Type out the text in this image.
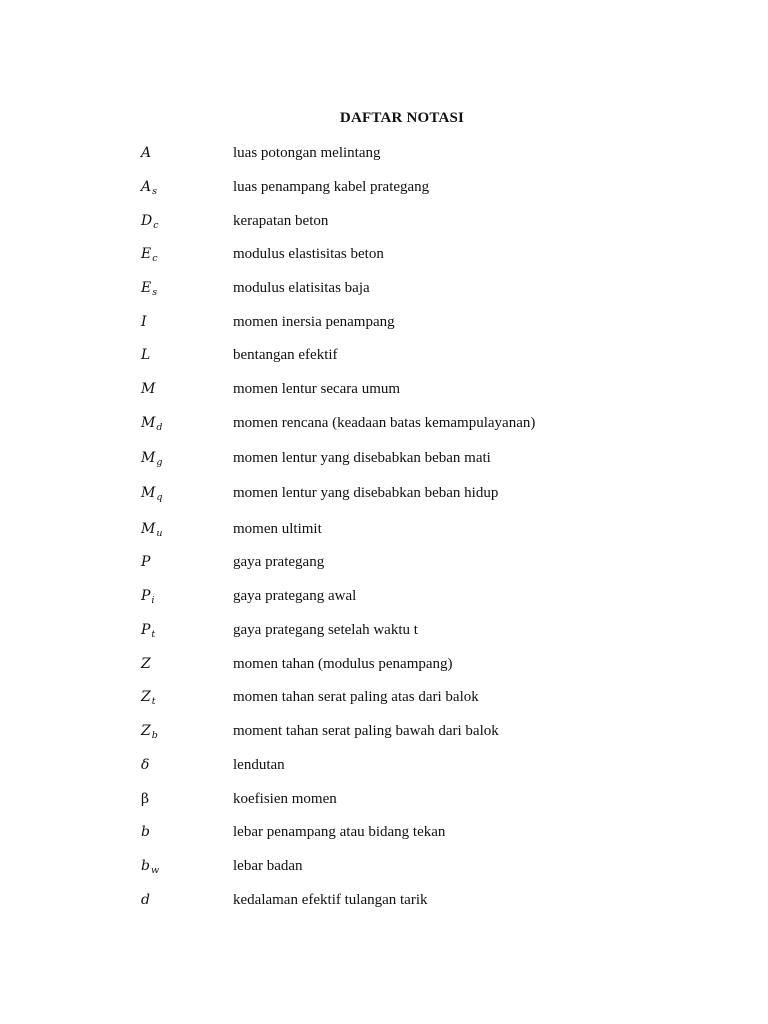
DAFTAR NOTASI
A	luas potongan melintang
$A_s$	luas penampang kabel prategang
$D_c$	kerapatan beton
$E_c$	modulus elastisitas beton
$E_s$	modulus elatisitas baja
I	momen inersia penampang
L	bentangan efektif
M	momen lentur secara umum
$M_d$	momen rencana (keadaan batas kemampulayanan)
$M_g$	momen lentur yang disebabkan beban mati
$M_q$	momen lentur yang disebabkan beban hidup
$M_u$	momen ultimit
P	gaya prategang
$P_i$	gaya prategang awal
$P_t$	gaya prategang setelah waktu t
Z	momen tahan (modulus penampang)
$Z_t$	momen tahan serat paling atas dari balok
$Z_b$	moment tahan serat paling bawah dari balok
δ	lendutan
β	koefisien momen
b	lebar penampang atau bidang tekan
$b_w$	lebar badan
d	kedalaman efektif tulangan tarik
